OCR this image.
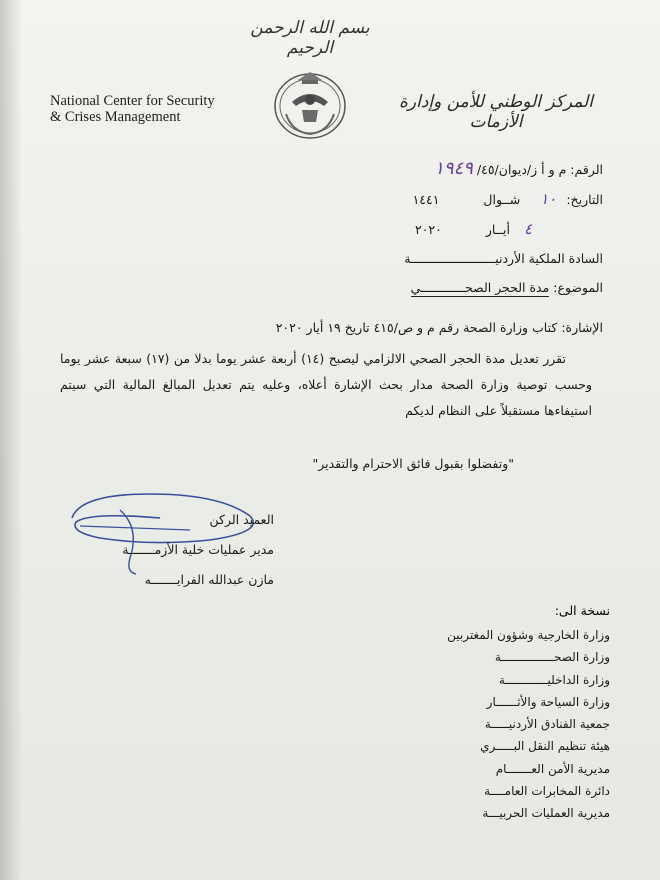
بسم الله الرحمن الرحيم
National Center for Security
& Crises Management
المركز الوطني للأمن وإدارة الأزمات
الرقم: م و أ ز/ديوان/٤٥/ ١٩٤٩
التاريخ: ١٠ شــوال ١٤٤١
٤ أيــار ٢٠٢٠
السادة الملكية الأردنيـــــــــــــــــــــــة
الموضوع: مدة الحجر الصحــــــــــــي
الإشارة: كتاب وزارة الصحة رقم م و ص/٤١٥ تاريخ ١٩ أيار ٢٠٢٠
تقرر تعديل مدة الحجر الصحي الالزامي ليصبح (١٤) أربعة عشر يوما بدلا من (١٧) سبعة عشر يوما وحسب توصية وزارة الصحة مدار بحث الإشارة أعلاه، وعليه يتم تعديل المبالغ المالية التي سيتم استيفاءها مستقبلاً على النظام لديكم
"وتفضلوا بقبول فائق الاحترام والتقدير"
العميد الركن
مدير عمليات خلية الأزمـــــــة
مازن عبدالله الفرايـــــــه
نسخة الى:
وزارة الخارجية وشؤون المغتربين
وزارة الصحـــــــــــــــة
وزارة الداخليــــــــــــة
وزارة السياحة والأثــــــار
جمعية الفنادق الأردنيـــــة
هيئة تنظيم النقل البـــــري
مديرية الأمن العـــــــام
دائرة المخابرات العامــــة
مديرية العمليات الحربيـــة
